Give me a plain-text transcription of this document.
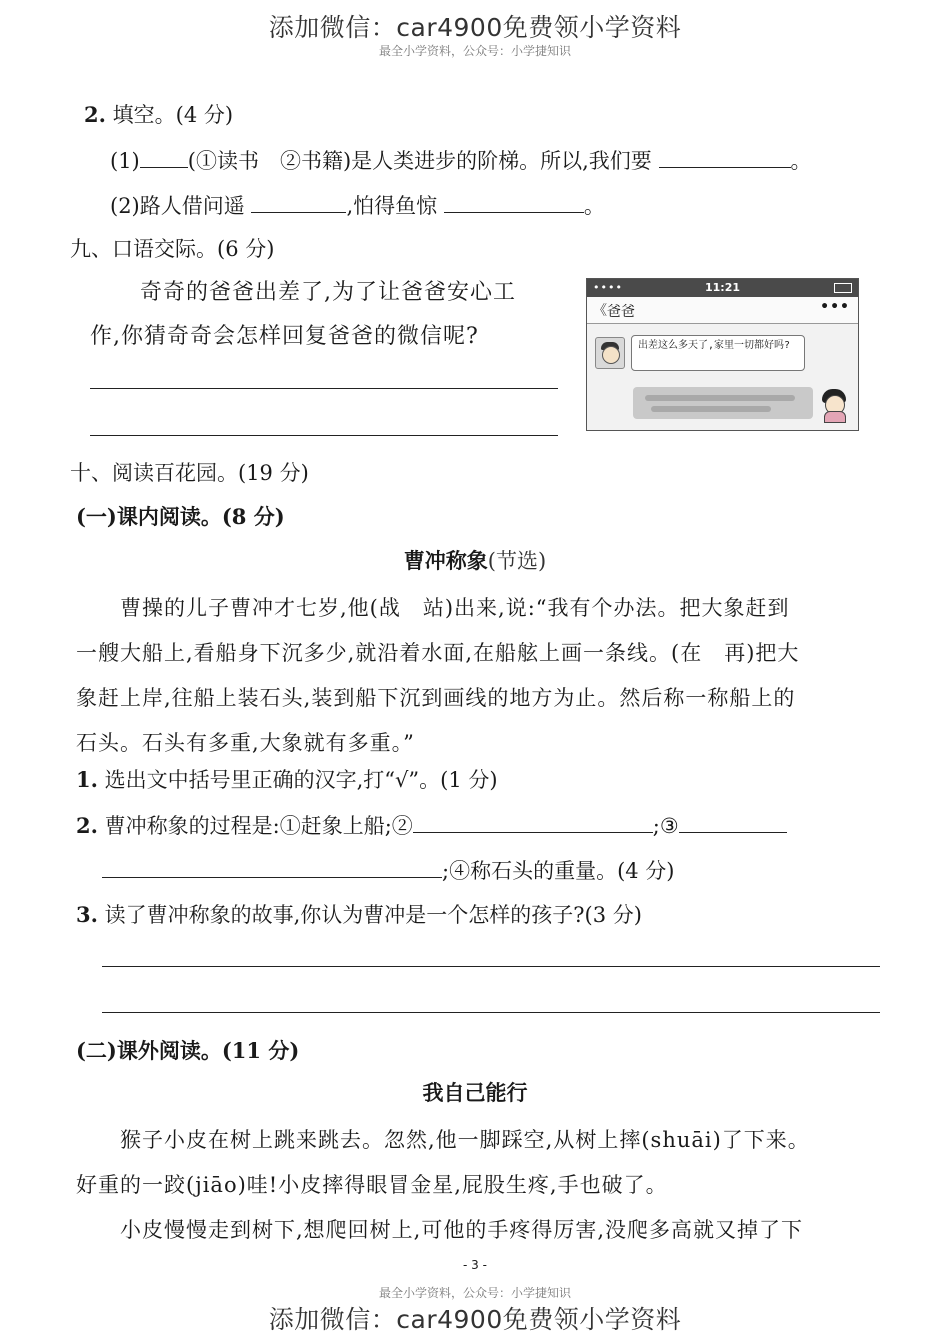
添加微信：car4900免费领小学资料
最全小学资料，公众号：小学捷知识
2. 填空。(4 分)
(1) (①读书　②书籍)是人类进步的阶梯。所以,我们要	。
(2)路人借问遥	,怕得鱼惊	。
九、口语交际。(6 分)
奇奇的爸爸出差了,为了让爸爸安心工
作,你猜奇奇会怎样回复爸爸的微信呢?
••••	11:21
《 爸爸	•••
出差这么多天了,家里一切都好吗?
十、阅读百花园。(19 分)
(一)课内阅读。(8 分)
曹冲称象(节选)
　　曹操的儿子曹冲才七岁,他(战　站)出来,说:“我有个办法。把大象赶到
一艘大船上,看船身下沉多少,就沿着水面,在船舷上画一条线。(在　再)把大
象赶上岸,往船上装石头,装到船下沉到画线的地方为止。然后称一称船上的
石头。石头有多重,大象就有多重。”
1. 选出文中括号里正确的汉字,打“√”。(1 分)
2. 曹冲称象的过程是:①赶象上船;②	;③
;④称石头的重量。(4 分)
3. 读了曹冲称象的故事,你认为曹冲是一个怎样的孩子?(3 分)
(二)课外阅读。(11 分)
我自己能行
　　猴子小皮在树上跳来跳去。忽然,他一脚踩空,从树上摔(shuāi)了下来。
好重的一跤(jiāo)哇!小皮摔得眼冒金星,屁股生疼,手也破了。
　　小皮慢慢走到树下,想爬回树上,可他的手疼得厉害,没爬多高就又掉了下
- 3 -
最全小学资料，公众号：小学捷知识
添加微信：car4900免费领小学资料
